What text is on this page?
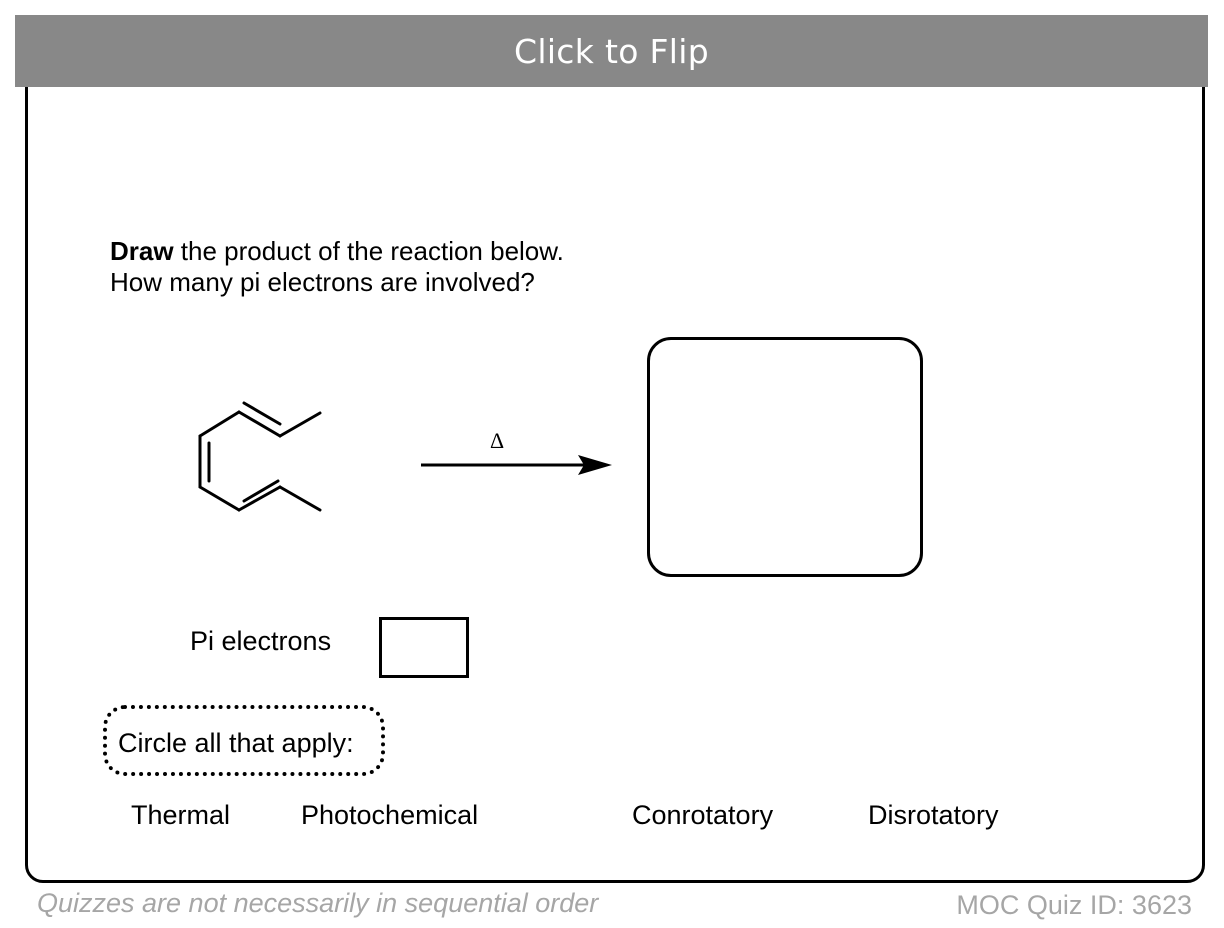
Click to Flip
Draw the product of the reaction below.
How many pi electrons are involved?
Δ
Pi electrons
Circle all that apply:
Thermal	Photochemical	Conrotatory	Disrotatory
Quizzes are not necessarily in sequential order	MOC Quiz ID: 3623
